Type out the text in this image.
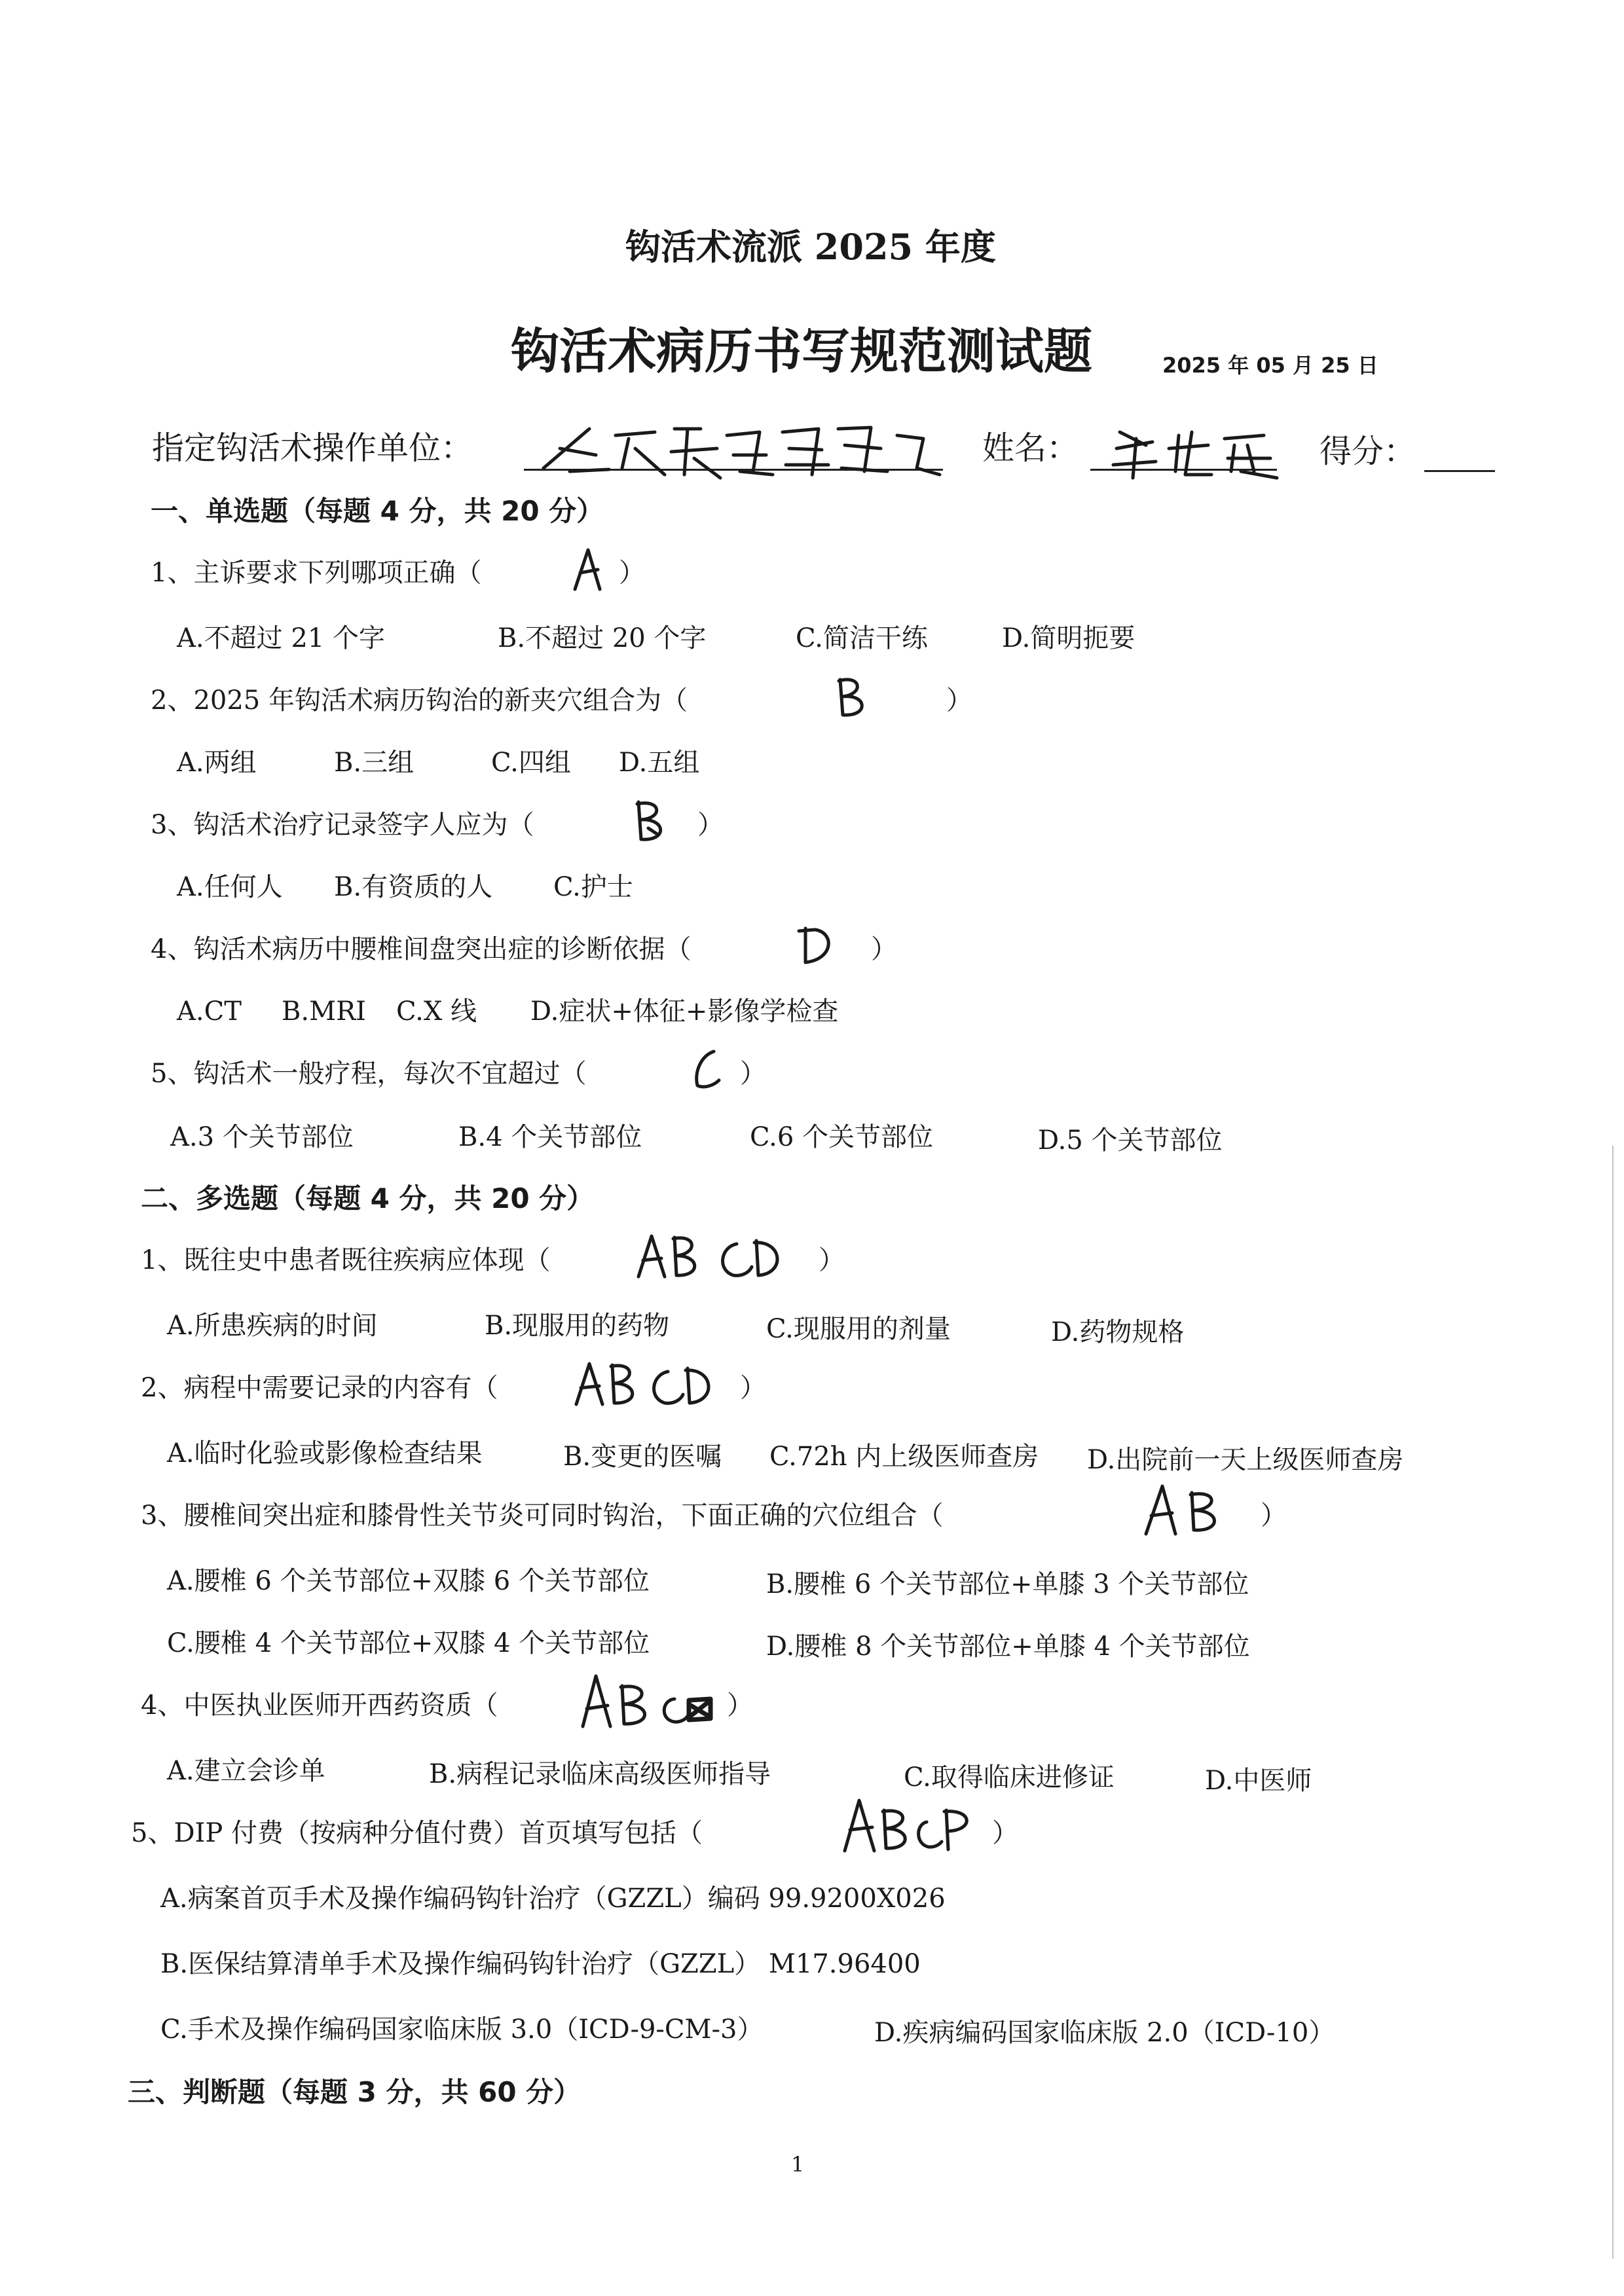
钩活术流派 2025 年度
钩活术病历书写规范测试题	2025 年 05 月 25 日
指定钩活术操作单位：	姓名：	得分：
一、单选题（每题 4 分，共 20 分）
1、主诉要求下列哪项正确（	）
A.不超过 21 个字	B.不超过 20 个字	C.简洁干练	D.简明扼要
2、2025 年钩活术病历钩治的新夹穴组合为（	）
A.两组	B.三组	C.四组 D.五组
3、钩活术治疗记录签字人应为（	）
A.任何人 B.有资质的人 C.护士
4、钩活术病历中腰椎间盘突出症的诊断依据（	）
A.CT B.MRI C.X 线 D.症状+体征+影像学检查
5、钩活术一般疗程，每次不宜超过（	）
A.3 个关节部位	B.4 个关节部位	C.6 个关节部位	D.5 个关节部位
二、多选题（每题 4 分，共 20 分）
1、既往史中患者既往疾病应体现（	）
A.所患疾病的时间	B.现服用的药物	C.现服用的剂量	D.药物规格
2、病程中需要记录的内容有（	）
A.临时化验或影像检查结果	B.变更的医嘱 C.72h 内上级医师查房 D.出院前一天上级医师查房
3、腰椎间突出症和膝骨性关节炎可同时钩治，下面正确的穴位组合（	）
A.腰椎 6 个关节部位+双膝 6 个关节部位	B.腰椎 6 个关节部位+单膝 3 个关节部位
C.腰椎 4 个关节部位+双膝 4 个关节部位	D.腰椎 8 个关节部位+单膝 4 个关节部位
4、中医执业医师开西药资质（	）
A.建立会诊单	B.病程记录临床高级医师指导	C.取得临床进修证	D.中医师
5、DIP 付费（按病种分值付费）首页填写包括（	）
A.病案首页手术及操作编码钩针治疗（GZZL）编码 99.9200X026
B.医保结算清单手术及操作编码钩针治疗（GZZL） M17.96400
C.手术及操作编码国家临床版 3.0（ICD-9-CM-3）	D.疾病编码国家临床版 2.0（ICD-10）
三、判断题（每题 3 分，共 60 分）
1
